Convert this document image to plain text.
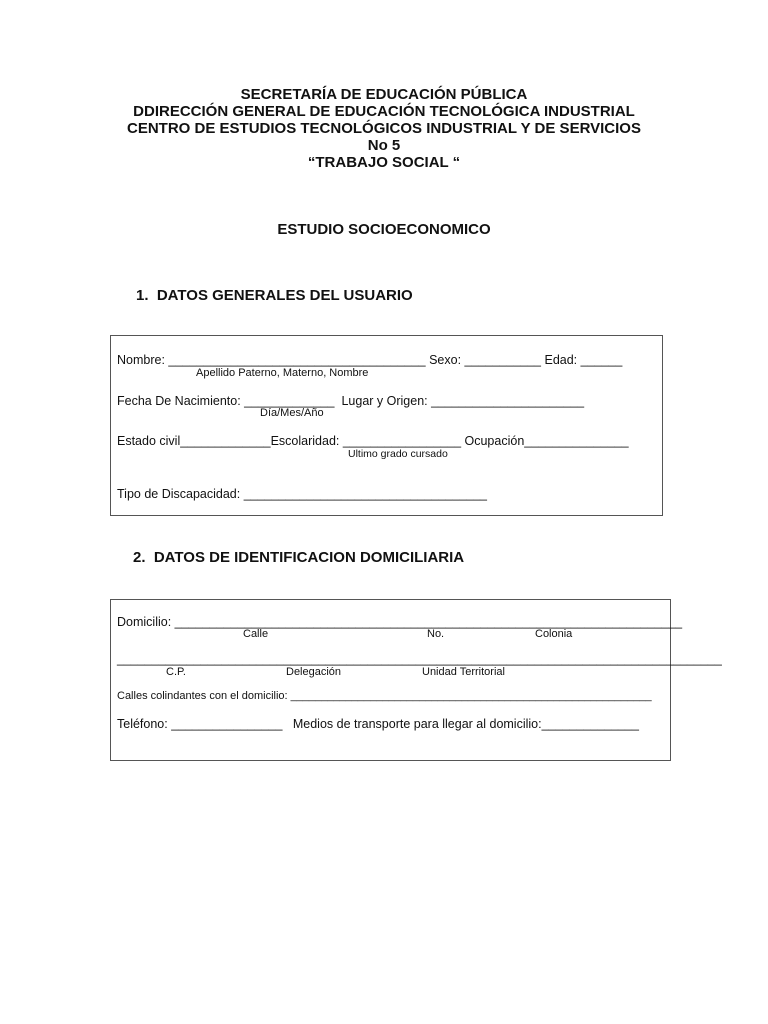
SECRETARÍA DE EDUCACIÓN PÚBLICA
DDIRECCIÓN GENERAL DE EDUCACIÓN TECNOLÓGICA INDUSTRIAL
CENTRO DE ESTUDIOS TECNOLÓGICOS INDUSTRIAL Y DE SERVICIOS
No 5
“TRABAJO SOCIAL “
ESTUDIO SOCIOECONOMICO
1.  DATOS GENERALES DEL USUARIO
Nombre: _____________________________________ Sexo: ___________ Edad: ______
Apellido Paterno, Materno, Nombre
Fecha De Nacimiento: _____________  Lugar y Origen: ______________________
Día/Mes/Año
Estado civil_____________Escolaridad: _________________ Ocupación_______________
Ultimo grado cursado
Tipo de Discapacidad: ___________________________________
2.  DATOS DE IDENTIFICACION DOMICILIARIA
Domicilio: _________________________________________________________________________
Calle	No.	Colonia
_______________________________________________________________________________________
C.P.	Delegación	Unidad Territorial
Calles colindantes con el domicilio: ___________________________________________________________
Teléfono: ________________   Medios de transporte para llegar al domicilio:______________
